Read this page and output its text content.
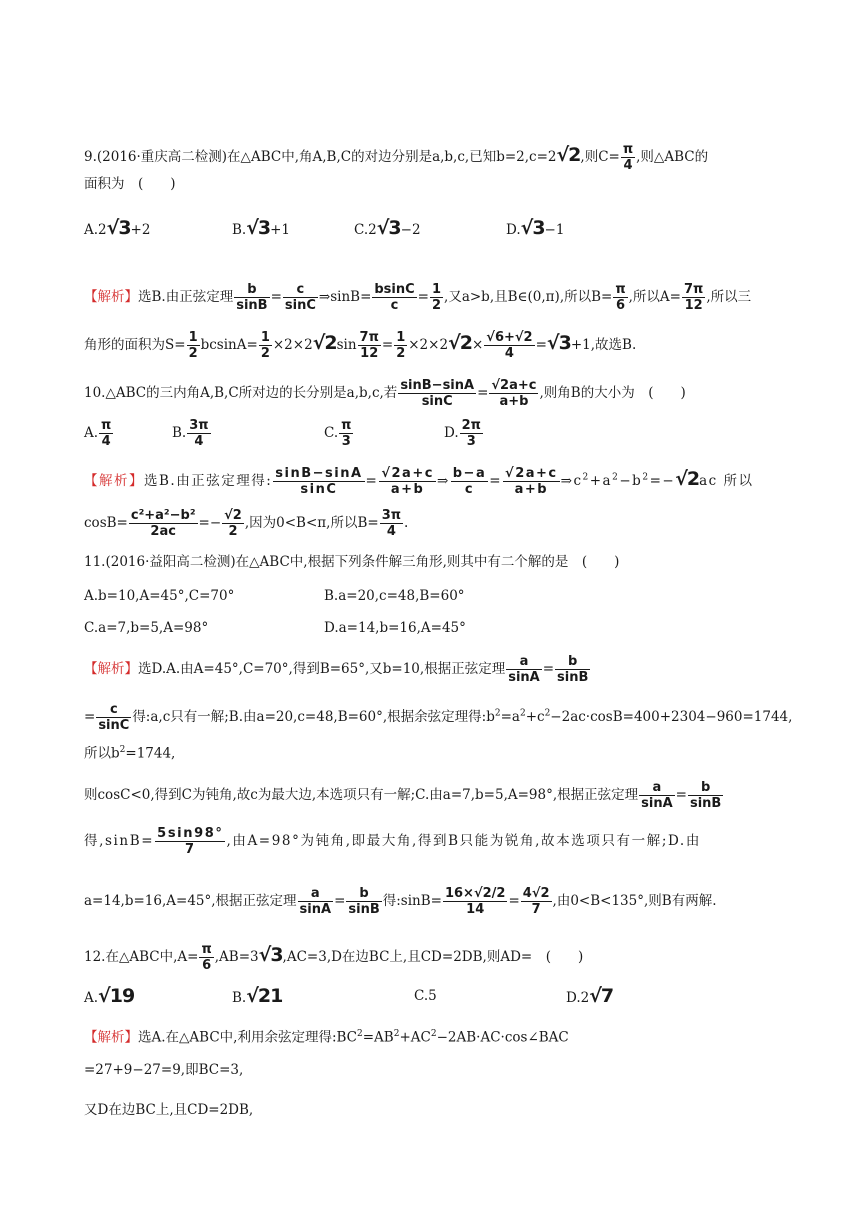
9.(2016·重庆高二检测)在△ABC中,角A,B,C的对边分别是a,b,c,已知b=2,c=2√2,则$C= \frac{\pi}{4}$ ,则△ABC的
面积为　(　　)
A.2√3+2	B.√3+1	C.2√3−2	D.√3−1
【解析】选B.由正弦定理 $\frac{b}{\sin B} = \frac{c}{\sin C}$ ⇒sinB= $\frac{bsinC}{c} = \frac{1}{2}$ ,又a>b,且B∈(0,π),所以$B= \frac{\pi}{6}$ ,所以$A= \frac{7\pi}{12}$ ,所以三
角形的面积为$S= \frac{1}{2} bcsinA= \frac{1}{2} \times 2\times 2√2\sin \frac{7\pi}{12} = \frac{1}{2} \times 2\times 2√2\times \frac{√6+√2}{4} =√3+1$,故选B.
10.△ABC的三内角A,B,C所对边的长分别是a,b,c,若 $\frac{\sin B-\sin A}{\sin C} = \frac{√2a+c}{a+b}$ ,则角B的大小为　(　　)
A. $\frac{\pi}{4}$	B. $\frac{3\pi}{4}$	C. $\frac{\pi}{3}$	D. $\frac{2\pi}{3}$
【解析】选B.由正弦定理得: $\frac{\sin B-\sin A}{\sin C} = \frac{√2a+c}{a+b}$ ⇒ $\frac{b-a}{c} = \frac{√2a+c}{a+b}$ $\Rightarrow c^2+a^2-b^2=-√2ac$ 所以
$\cos B= \frac{\text{c²+a²−b²}}{2ac} =- \frac{√2}{2}$ ,因为0<B<π,所以$B= \frac{3\pi}{4}$ .
11.(2016·益阳高二检测)在△ABC中,根据下列条件解三角形,则其中有二个解的是　(　　)
A.b=10,A=45°,C=70°	B.a=20,c=48,B=60°
C.a=7,b=5,A=98°	D.a=14,b=16,A=45°
【解析】选D.A.由A=45°,C=70°,得到B=65°,又b=10,根据正弦定理 $\frac{a}{\sin A} = \frac{b}{\sin B}$
= $\frac{c}{\sin C}$ 得:a,c只有一解;B.由a=20,c=48,B=60°,根据余弦定理得$:b^2=a^2+c^2-2ac\cdot\cos B=400+2304-960=1744$,
所以$b^2=1744$,
则cosC<0,得到C为钝角,故c为最大边,本选项只有一解;C.由a=7,b=5,A=98°,根据正弦定理 $\frac{a}{\sin A} = \frac{b}{\sin B}$
得$,\sin B= \frac{5\sin 98^\circ}{7}$ ,由A=98°为钝角,即最大角,得到B只能为锐角,故本选项只有一解;D.由
a=14,b=16,A=45°,根据正弦定理 $\frac{a}{\sin A} = \frac{b}{\sin B}$ 得:sinB= $\frac{16\times√2/2}{14} = \frac{4√2}{7}$ ,由0<B<135°,则B有两解.
12.在△ABC中$,A= \frac{\pi}{6} ,AB=3√3,AC=3,D$在边BC上,且CD=2DB,则AD=　(　　)
A.√19	B.√21	C.5	D.2√7
【解析】选A.在△ABC中,利用余弦定理得$:BC^2=AB^2+AC^2-2AB\cdot AC\cdot\cos\angle BAC$
=27+9−27=9,即BC=3,
又D在边BC上,且CD=2DB,
